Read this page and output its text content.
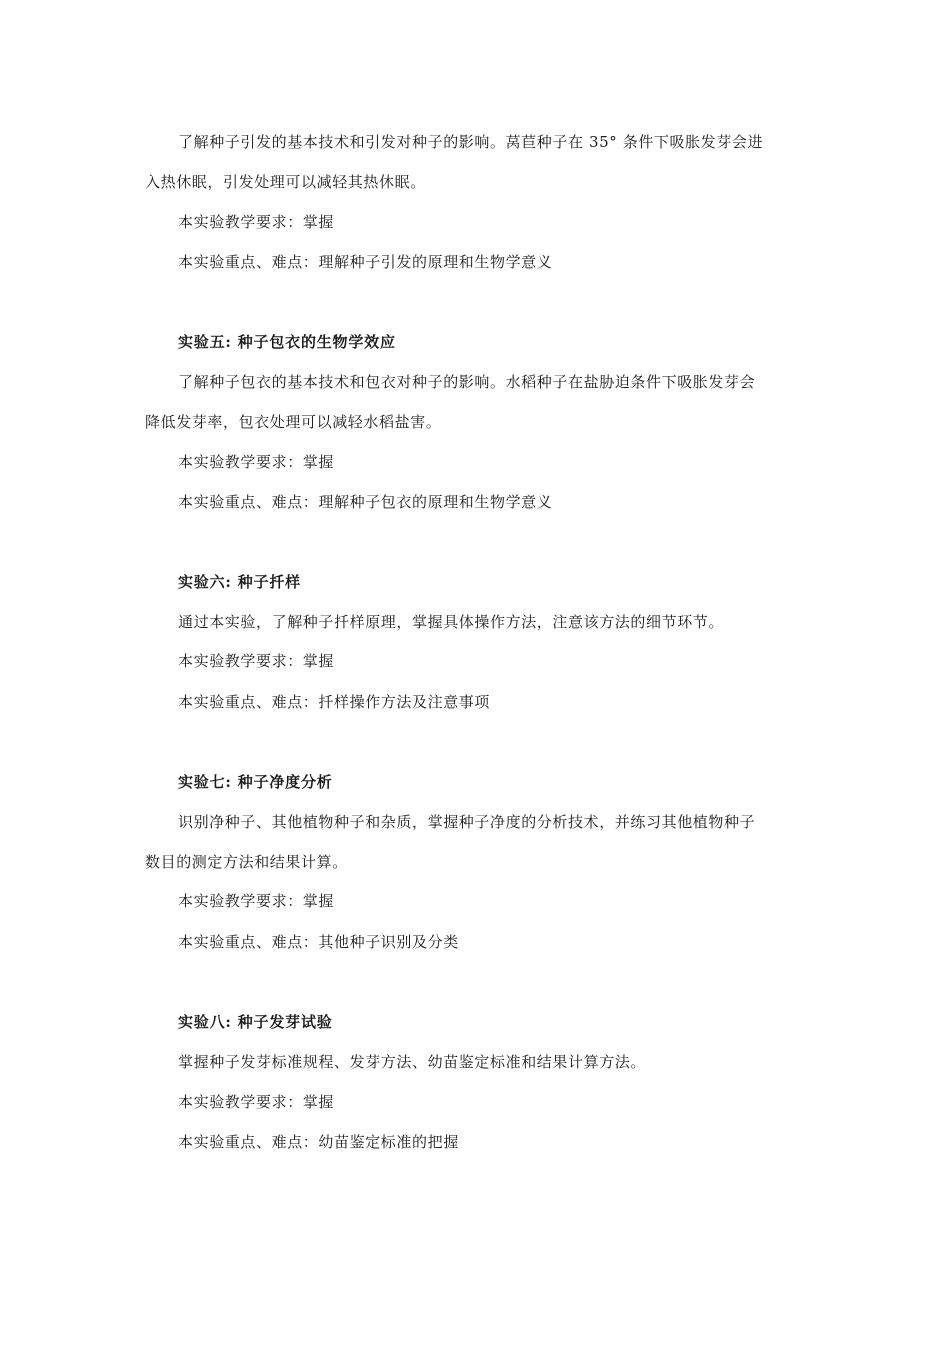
了解种子引发的基本技术和引发对种子的影响。莴苣种子在 35° 条件下吸胀发芽会进
入热休眠，引发处理可以减轻其热休眠。
本实验教学要求：掌握
本实验重点、难点：理解种子引发的原理和生物学意义
实验五: 种子包衣的生物学效应
了解种子包衣的基本技术和包衣对种子的影响。水稻种子在盐胁迫条件下吸胀发芽会
降低发芽率，包衣处理可以减轻水稻盐害。
本实验教学要求：掌握
本实验重点、难点：理解种子包衣的原理和生物学意义
实验六: 种子扦样
通过本实验，了解种子扦样原理，掌握具体操作方法，注意该方法的细节环节。
本实验教学要求：掌握
本实验重点、难点：扦样操作方法及注意事项
实验七: 种子净度分析
识别净种子、其他植物种子和杂质，掌握种子净度的分析技术，并练习其他植物种子
数目的测定方法和结果计算。
本实验教学要求：掌握
本实验重点、难点：其他种子识别及分类
实验八: 种子发芽试验
掌握种子发芽标准规程、发芽方法、幼苗鉴定标准和结果计算方法。
本实验教学要求：掌握
本实验重点、难点：幼苗鉴定标准的把握
